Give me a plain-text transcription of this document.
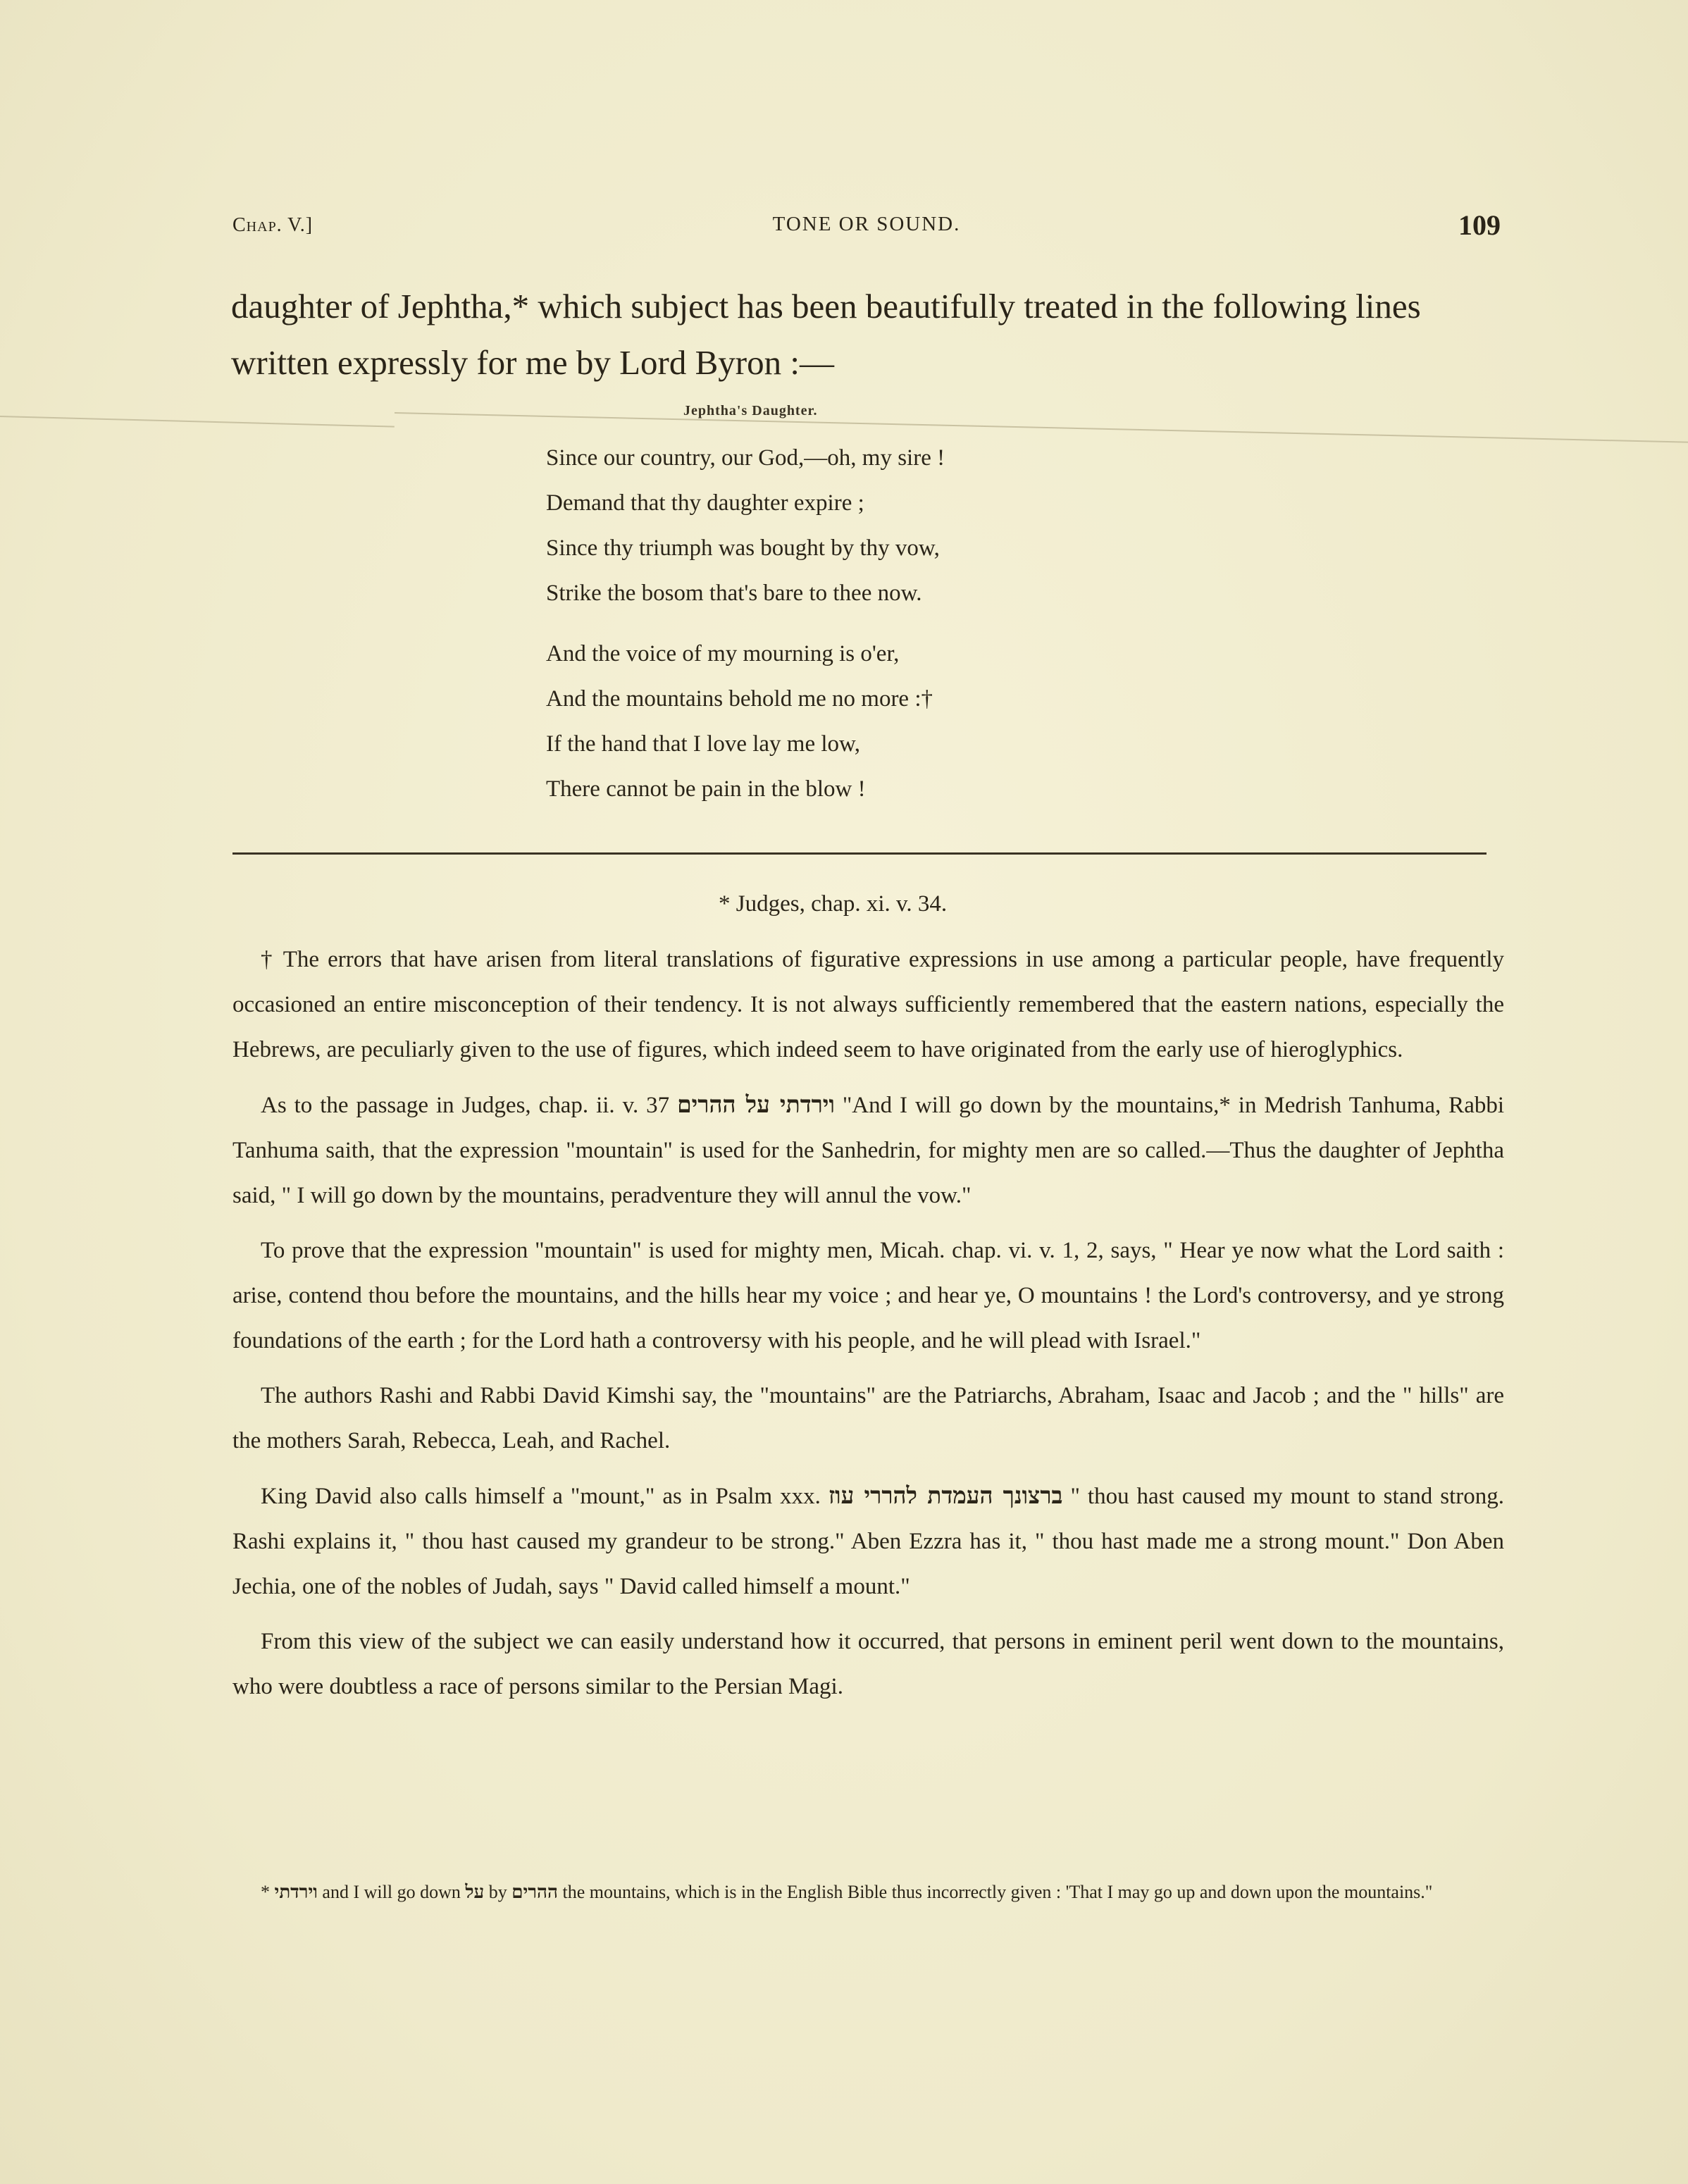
Chap. V.]	TONE OR SOUND.	109
daughter of Jephtha,* which subject has been beautifully treated in the following lines written expressly for me by Lord Byron :—
Jephtha's Daughter.
Since our country, our God,—oh, my sire !
Demand that thy daughter expire ;
Since thy triumph was bought by thy vow,
Strike the bosom that's bare to thee now.
And the voice of my mourning is o'er,
And the mountains behold me no more :†
If the hand that I love lay me low,
There cannot be pain in the blow !
* Judges, chap. xi. v. 34.

† The errors that have arisen from literal translations of figurative expressions in use among a particular people, have frequently occasioned an entire misconception of their tendency. It is not always sufficiently remembered that the eastern nations, especially the Hebrews, are peculiarly given to the use of figures, which indeed seem to have originated from the early use of hieroglyphics.

As to the passage in Judges, chap. ii. v. 37 וירדתי על ההרים "And I will go down by the mountains,* in Medrish Tanhuma, Rabbi Tanhuma saith, that the expression "mountain" is used for the Sanhedrin, for mighty men are so called.—Thus the daughter of Jephtha said, " I will go down by the mountains, peradventure they will annul the vow."

To prove that the expression "mountain" is used for mighty men, Micah. chap. vi. v. 1, 2, says, " Hear ye now what the Lord saith : arise, contend thou before the mountains, and the hills hear my voice ; and hear ye, O mountains ! the Lord's controversy, and ye strong foundations of the earth ; for the Lord hath a controversy with his people, and he will plead with Israel."

The authors Rashi and Rabbi David Kimshi say, the "mountains" are the Patriarchs, Abraham, Isaac and Jacob ; and the " hills" are the mothers Sarah, Rebecca, Leah, and Rachel.

King David also calls himself a "mount," as in Psalm xxx. ברצונך העמדת להררי עוז " thou hast caused my mount to stand strong. Rashi explains it, " thou hast caused my grandeur to be strong." Aben Ezzra has it, " thou hast made me a strong mount." Don Aben Jechia, one of the nobles of Judah, says " David called himself a mount."

From this view of the subject we can easily understand how it occurred, that persons in eminent peril went down to the mountains, who were doubtless a race of persons similar to the Persian Magi.

* וירדתי and I will go down על by ההרים the mountains, which is in the English Bible thus incorrectly given : 'That I may go up and down upon the mountains."
